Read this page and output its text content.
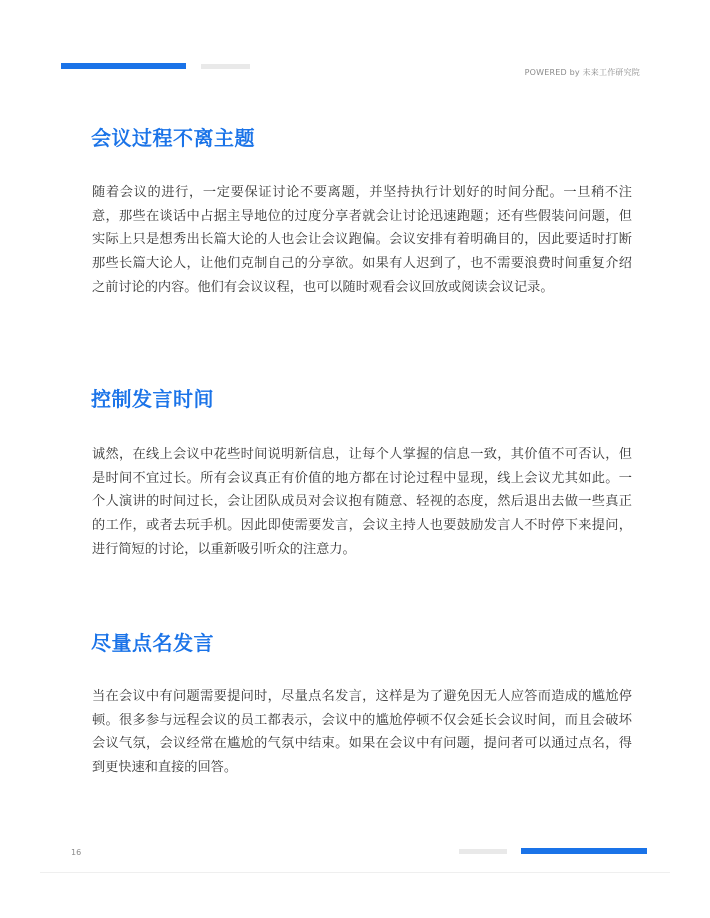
POWERED by 未来工作研究院
会议过程不离主题

随着会议的进行，一定要保证讨论不要离题，并坚持执行计划好的时间分配。一旦稍不注意，那些在谈话中占据主导地位的过度分享者就会让讨论迅速跑题；还有些假装问问题，但实际上只是想秀出长篇大论的人也会让会议跑偏。会议安排有着明确目的，因此要适时打断那些长篇大论人，让他们克制自己的分享欲。如果有人迟到了，也不需要浪费时间重复介绍之前讨论的内容。他们有会议议程，也可以随时观看会议回放或阅读会议记录。

控制发言时间

诚然，在线上会议中花些时间说明新信息，让每个人掌握的信息一致，其价值不可否认，但是时间不宜过长。所有会议真正有价值的地方都在讨论过程中显现，线上会议尤其如此。一个人演讲的时间过长，会让团队成员对会议抱有随意、轻视的态度，然后退出去做一些真正的工作，或者去玩手机。因此即使需要发言，会议主持人也要鼓励发言人不时停下来提问，进行简短的讨论，以重新吸引听众的注意力。

尽量点名发言

当在会议中有问题需要提问时，尽量点名发言，这样是为了避免因无人应答而造成的尴尬停顿。很多参与远程会议的员工都表示，会议中的尴尬停顿不仅会延长会议时间，而且会破坏会议气氛，会议经常在尴尬的气氛中结束。如果在会议中有问题，提问者可以通过点名，得到更快速和直接的回答。

16
